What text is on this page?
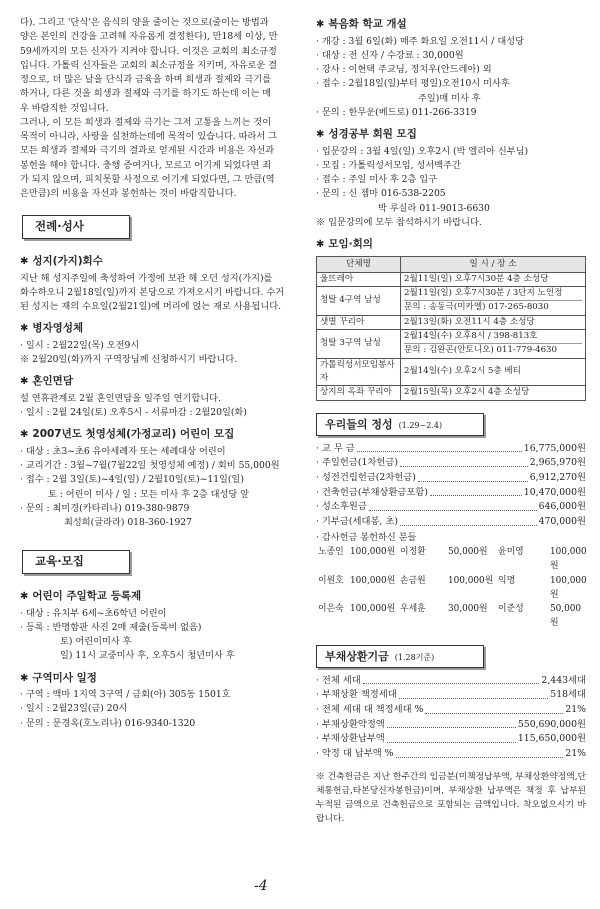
다). 그리고 '단식'은 음식의 양을 줄이는 것으로(줄이는 방법과
양은 본인의 건강을 고려해 자유롭게 결정한다), 만18세 이상, 만
59세까지의 모든 신자가 지켜야 합니다. 이것은 교회의 최소규정
입니다. 가톨릭 신자들은 교회의 최소규정을 지키며, 자유로운 결
정으로, 더 많은 날을 단식과 금육을 하며 희생과 절제와 극기를
하거나, 다른 것을 희생과 절제와 극기를 하기도 하는데 이는 매
우 바람직한 것입니다.
그러나, 이 모든 희생과 절제와 극기는 그저 고통을 느끼는 것이
목적이 아니라, 사랑을 실천하는데에 목적이 있습니다. 따라서 그
모든 희생과 절제와 극기의 결과로 얻게된 시간과 비용은 자선과
봉헌을 해야 합니다. 충행 증여거나, 모르고 어기게 되었다면 죄
가 되지 않으며, 피치못할 사정으로 어기게 되었다면, 그 만큼(역
은만큼)의 비용을 자선과 봉헌하는 것이 바람직합니다.
전례·성사
✱ 성지(가지)회수
지난 해 성지주일에 축성하여 가정에 보관 해 오던 성지(가지)를
화수하오니 2월18일(일)까지 본당으로 가져오시기 바랍니다. 수거
된 성지는 재의 수요일(2월21일)에 머리에 얹는 재로 사용됩니다.
✱ 병자영성체
· 일시 : 2월22일(목) 오전9시
※ 2월20일(화)까지 구역장님께 신청하시기 바랍니다.
✱ 혼인면담
설 연휴관계로 2월 혼인면담을 일주일 연기합니다.
· 일시 : 2월 24일(토) 오후5시 - 서류마감 : 2월20일(화)
✱ 2007년도 첫영성체(가정교리) 어린이 모집
· 대상 : 초3~초6 유아세례자 또는 세례대상 어린이
· 교리기간 : 3월~7월(7월22일 첫영성체 예정) / 회비 55,000원
· 접수 : 2월 3일(토)~4일(일) / 2월10일(토)~11일(일)
토 : 어린이 미사 / 일 : 모든 미사 후 2층 대성당 앞
· 문의 : 최미경(카타리나) 019-380-9879
최성희(글라라) 018-360-1927
교육·모집
✱ 어린이 주일학교 등록제
· 대상 : 유치부 6세~초6학년 어린이
· 등록 : 반명함판 사진 2매 제출(등록비 없음)
토) 어린이미사 후
일) 11시 교중미사 후, 오후5시 청년미사 후
✱ 구역미사 일정
· 구역 : 백마 1지역 3구역 / 금회(아) 305동 1501호
· 일시 : 2월23일(금) 20시
· 문의 : 문경옥(호노리나) 016-9340-1320
-4
✱ 복음화 학교 개설
· 개강 : 3월 6일(화) 매주 화요일 오전11시 / 대성당
· 대상 : 전 신자 / 수강료 : 30,000원
· 강사 : 이현택 주교님, 정치우(안드레아) 외
· 접수 : 2월18일(일)부터 평일)오전10시 미사후
주일)매 미사 후
· 문의 : 한무운(베드로) 011-266-3319
✱ 성경공부 회원 모집
· 입문강의 : 3월 4일(일) 오후2시 (박 엘리아 신부님)
· 모집 : 가톨릭성서모임, 성서백주간
· 접수 : 주일 미사 후 2층 입구
· 문의 : 신 젬마 016-538-2205
박 루실라 011-9013-6630
※ 입문강의에 모두 참석하시기 바랍니다.
✱ 모임·회의
단체명	일 시 / 장 소
울뜨레아	2월11일(일) 오후7시30분 4층 소성당

청탈 4구역 남성	2월11일(일) 오후7시30분 / 3단지 노인정
문의 : 송동극(미카엘) 017-265-8030

샛별 꾸리아	2월13일(화) 오전11시 4층 소성당

청탈 3구역 남성	2월14일(수) 오후8시 / 398-813호
문의 : 김완곤(안토니오) 011-779-4630

가톨릭성서모임봉사자	2월14일(수) 오후2시 5층 베티

상지의 옥좌 꾸리아	2월15일(목) 오후2시 4층 소성당
우리들의 정성 (1.29~2.4)
· 교 무 금	16,775,000원
· 주일헌금(1차헌금)	2,965,970원
· 성전건립헌금(2차헌금)	6,912,270원
· 건축헌금(부채상환금포함)	10,470,000원
· 성소후원금	646,000원
· 기부금(세대봉, 초)	470,000원
· 감사헌금 봉헌하신 분들
노종인 100,000원 이정환	50,000원	윤미영	100,000원
이원호 100,000원 손금원	100,000원 익명	100,000원
이은숙 100,000원 우세훈	30,000원	이준성	50,000원
부채상환기금 (1.28기준)
· 전체 세대	2,443세대
· 부채상환 책정세대	518세대
· 전체 세대 대 책정세대 %	21%
· 부채상환약정액	550,690,000원
· 부채상환납부액	115,650,000원
· 약정 대 납부액 %	21%
※ 건축헌금은 지난 한주간의 입금분(미책정납부액, 부채상환약정액,단체통헌금,타본당신자봉헌금)이며, 부채상환 납부액은 책정 후 납부된 누적된 금액으로 건축헌금으로 포함되는 금액입니다. 착오없으시기 바랍니다.
